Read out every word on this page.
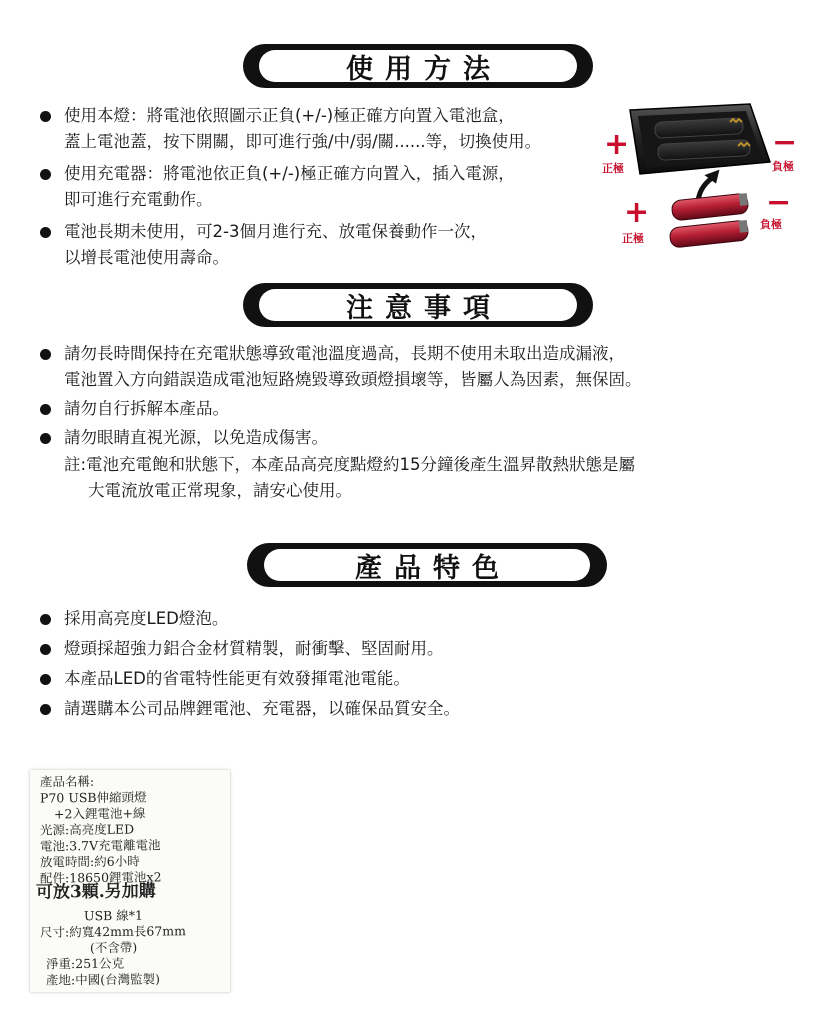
使用方法
使用本燈：將電池依照圖示正負(+/-)極正確方向置入電池盒，
蓋上電池蓋，按下開關，即可進行強/中/弱/關......等，切換使用。
使用充電器：將電池依正負(+/-)極正確方向置入，插入電源，
即可進行充電動作。
電池長期未使用，可2-3個月進行充、放電保養動作一次，
以增長電池使用壽命。
+
正極
−
負極
+
正極
−
負極
注意事項
請勿長時間保持在充電狀態導致電池溫度過高，長期不使用未取出造成漏液，
電池置入方向錯誤造成電池短路燒毀導致頭燈損壞等，皆屬人為因素，無保固。
請勿自行拆解本產品。
請勿眼睛直視光源，以免造成傷害。
註:電池充電飽和狀態下，本產品高亮度點燈約15分鐘後產生溫昇散熱狀態是屬
大電流放電正常現象，請安心使用。
產品特色
採用高亮度LED燈泡。
燈頭採超強力鋁合金材質精製，耐衝擊、堅固耐用。
本產品LED的省電特性能更有效發揮電池電能。
請選購本公司品牌鋰電池、充電器，以確保品質安全。
產品名稱:
P70 USB伸縮頭燈
+2入鋰電池+線
光源:高亮度LED
電池:3.7V充電離電池
放電時間:約6小時
配件:18650鋰電池x2
可放3顆.另加購
USB 線*1
尺寸:約寬42mm長67mm
(不含帶)
淨重:251公克
產地:中國(台灣監製)
